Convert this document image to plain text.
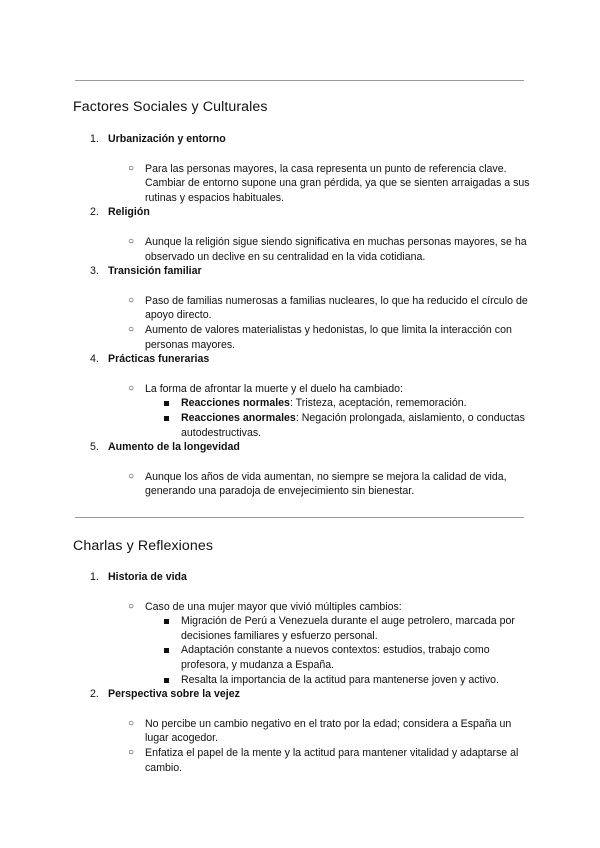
Factores Sociales y Culturales
1. Urbanización y entorno
○ Para las personas mayores, la casa representa un punto de referencia clave. Cambiar de entorno supone una gran pérdida, ya que se sienten arraigadas a sus rutinas y espacios habituales.
2. Religión
○ Aunque la religión sigue siendo significativa en muchas personas mayores, se ha observado un declive en su centralidad en la vida cotidiana.
3. Transición familiar
○ Paso de familias numerosas a familias nucleares, lo que ha reducido el círculo de apoyo directo.
○ Aumento de valores materialistas y hedonistas, lo que limita la interacción con personas mayores.
4. Prácticas funerarias
○ La forma de afrontar la muerte y el duelo ha cambiado:
Reacciones normales: Tristeza, aceptación, rememoración.
Reacciones anormales: Negación prolongada, aislamiento, o conductas autodestructivas.
5. Aumento de la longevidad
○ Aunque los años de vida aumentan, no siempre se mejora la calidad de vida, generando una paradoja de envejecimiento sin bienestar.
Charlas y Reflexiones
1. Historia de vida
○ Caso de una mujer mayor que vivió múltiples cambios:
Migración de Perú a Venezuela durante el auge petrolero, marcada por decisiones familiares y esfuerzo personal.
Adaptación constante a nuevos contextos: estudios, trabajo como profesora, y mudanza a España.
Resalta la importancia de la actitud para mantenerse joven y activo.
2. Perspectiva sobre la vejez
○ No percibe un cambio negativo en el trato por la edad; considera a España un lugar acogedor.
○ Enfatiza el papel de la mente y la actitud para mantener vitalidad y adaptarse al cambio.
